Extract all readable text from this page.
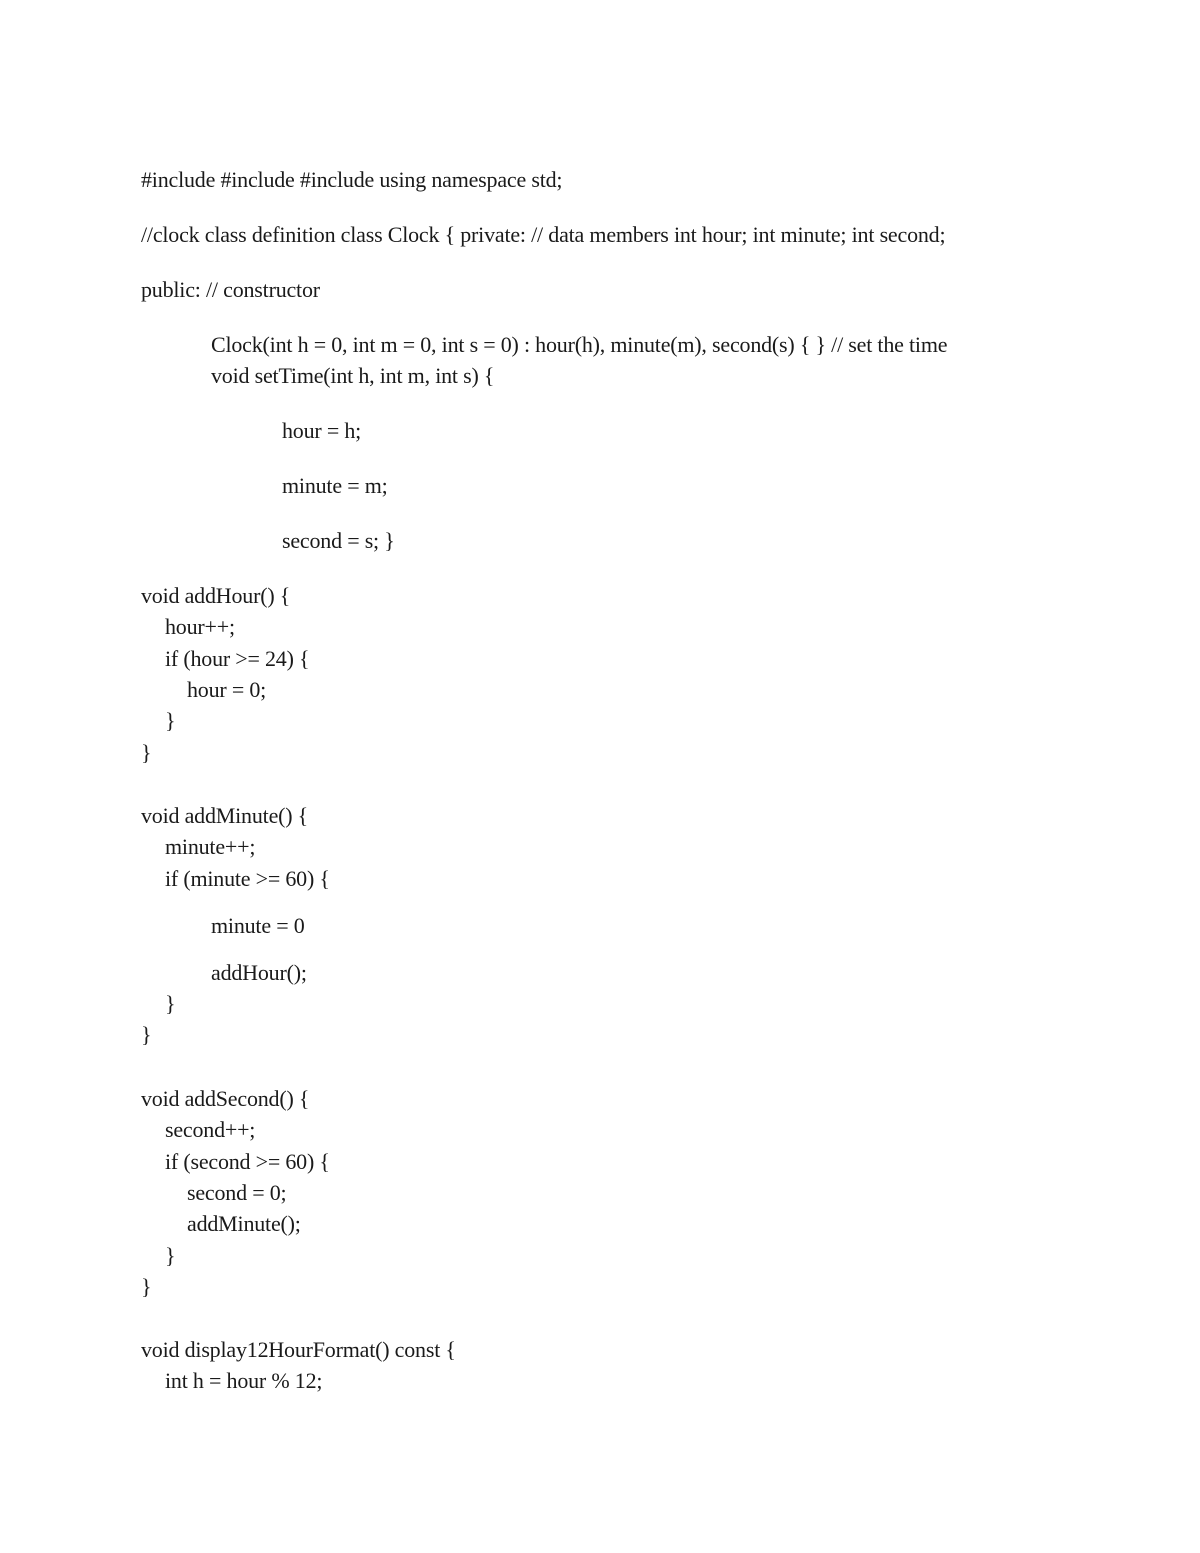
#include #include #include using namespace std;
//clock class definition class Clock { private: // data members int hour; int minute; int second;
public: // constructor
Clock(int h = 0, int m = 0, int s = 0) : hour(h), minute(m), second(s) { } // set the time
void setTime(int h, int m, int s) {
hour = h;
minute = m;
second = s; }
void addHour() {
hour++;
if (hour >= 24) {
hour = 0;
}
}
void addMinute() {
minute++;
if (minute >= 60) {
minute = 0
addHour();
}
}
void addSecond() {
second++;
if (second >= 60) {
second = 0;
addMinute();
}
}
void display12HourFormat() const {
int h = hour % 12;
